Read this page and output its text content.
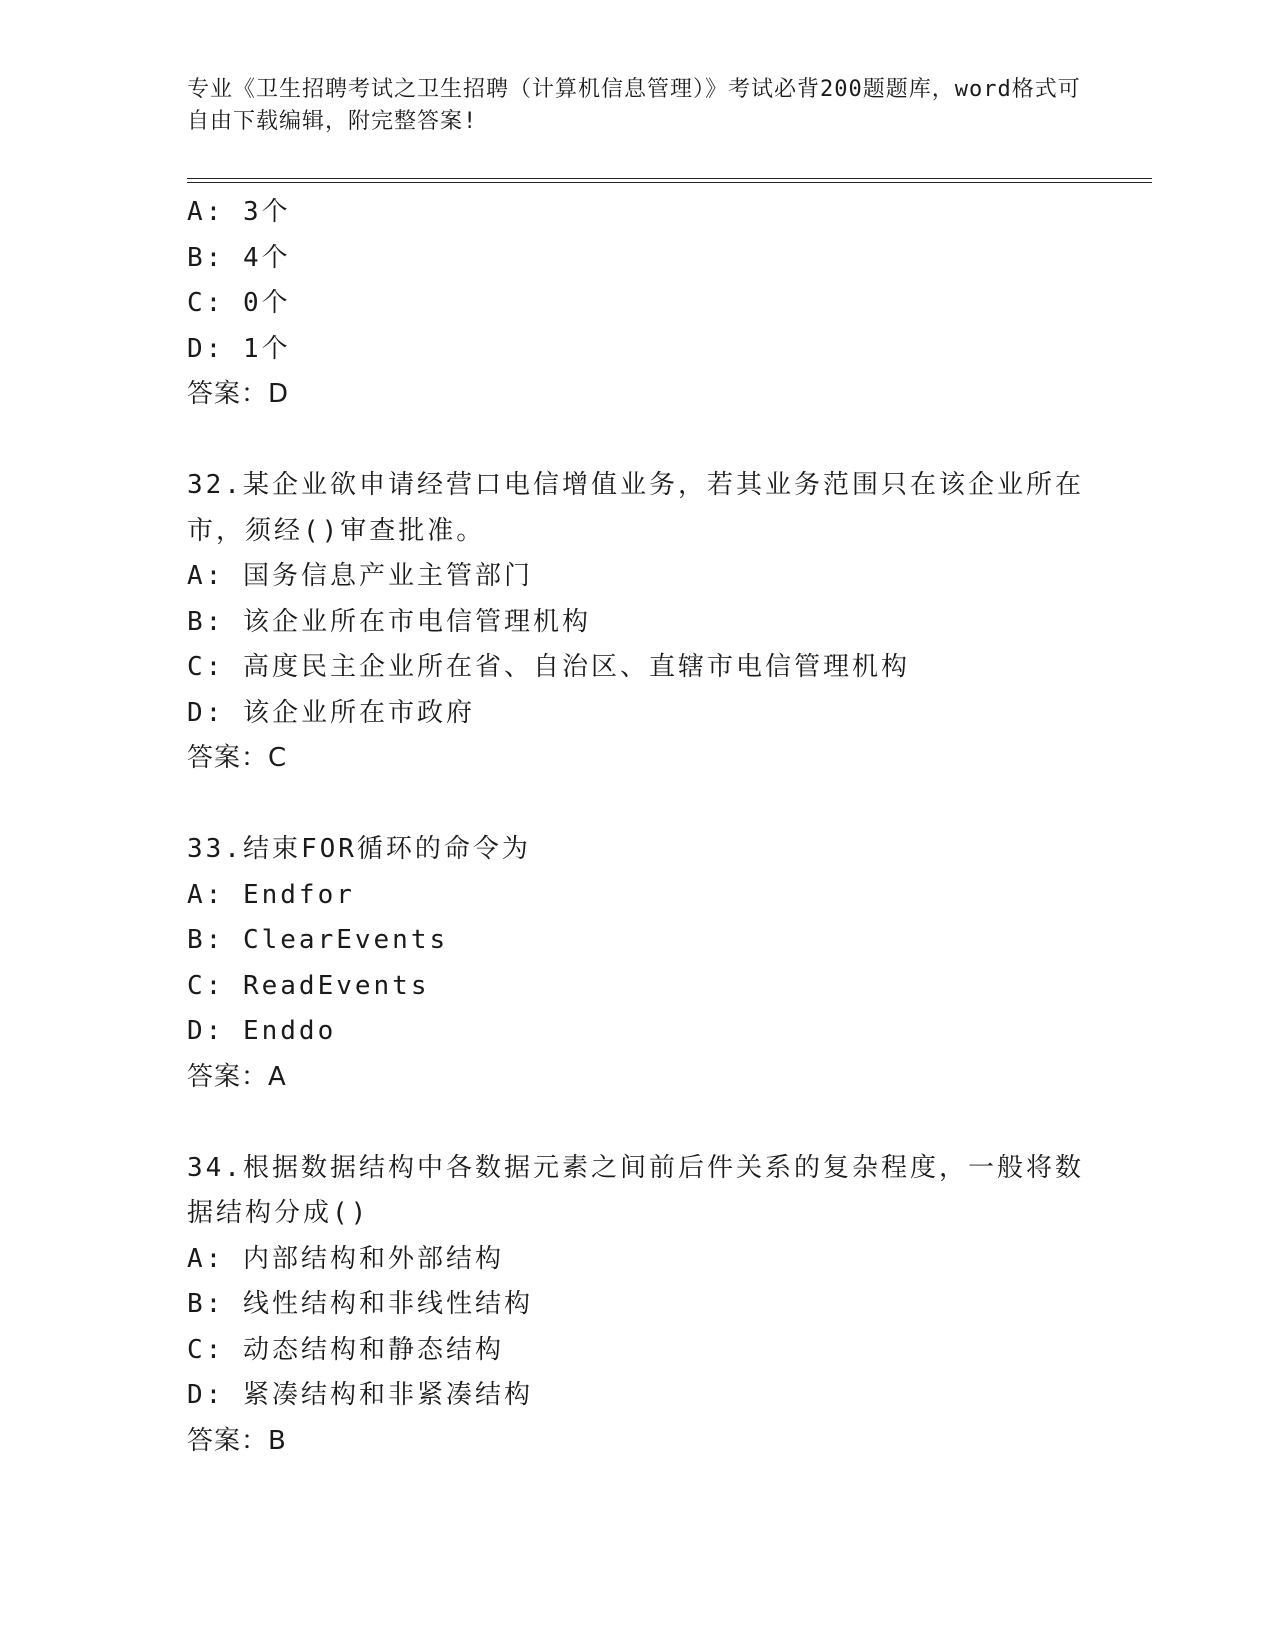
专业《卫生招聘考试之卫生招聘（计算机信息管理）》考试必背200题题库，word格式可自由下载编辑，附完整答案!

A: 3个

B: 4个

C: 0个

D: 1个

答案：D

32.某企业欲申请经营口电信增值业务，若其业务范围只在该企业所在市，须经()审查批准。

A: 国务信息产业主管部门

B: 该企业所在市电信管理机构

C: 高度民主企业所在省、自治区、直辖市电信管理机构

D: 该企业所在市政府

答案：C

33.结束FOR循环的命令为

A: Endfor

B: ClearEvents

C: ReadEvents

D: Enddo

答案：A

34.根据数据结构中各数据元素之间前后件关系的复杂程度，一般将数据结构分成()

A: 内部结构和外部结构

B: 线性结构和非线性结构

C: 动态结构和静态结构

D: 紧凑结构和非紧凑结构

答案：B
